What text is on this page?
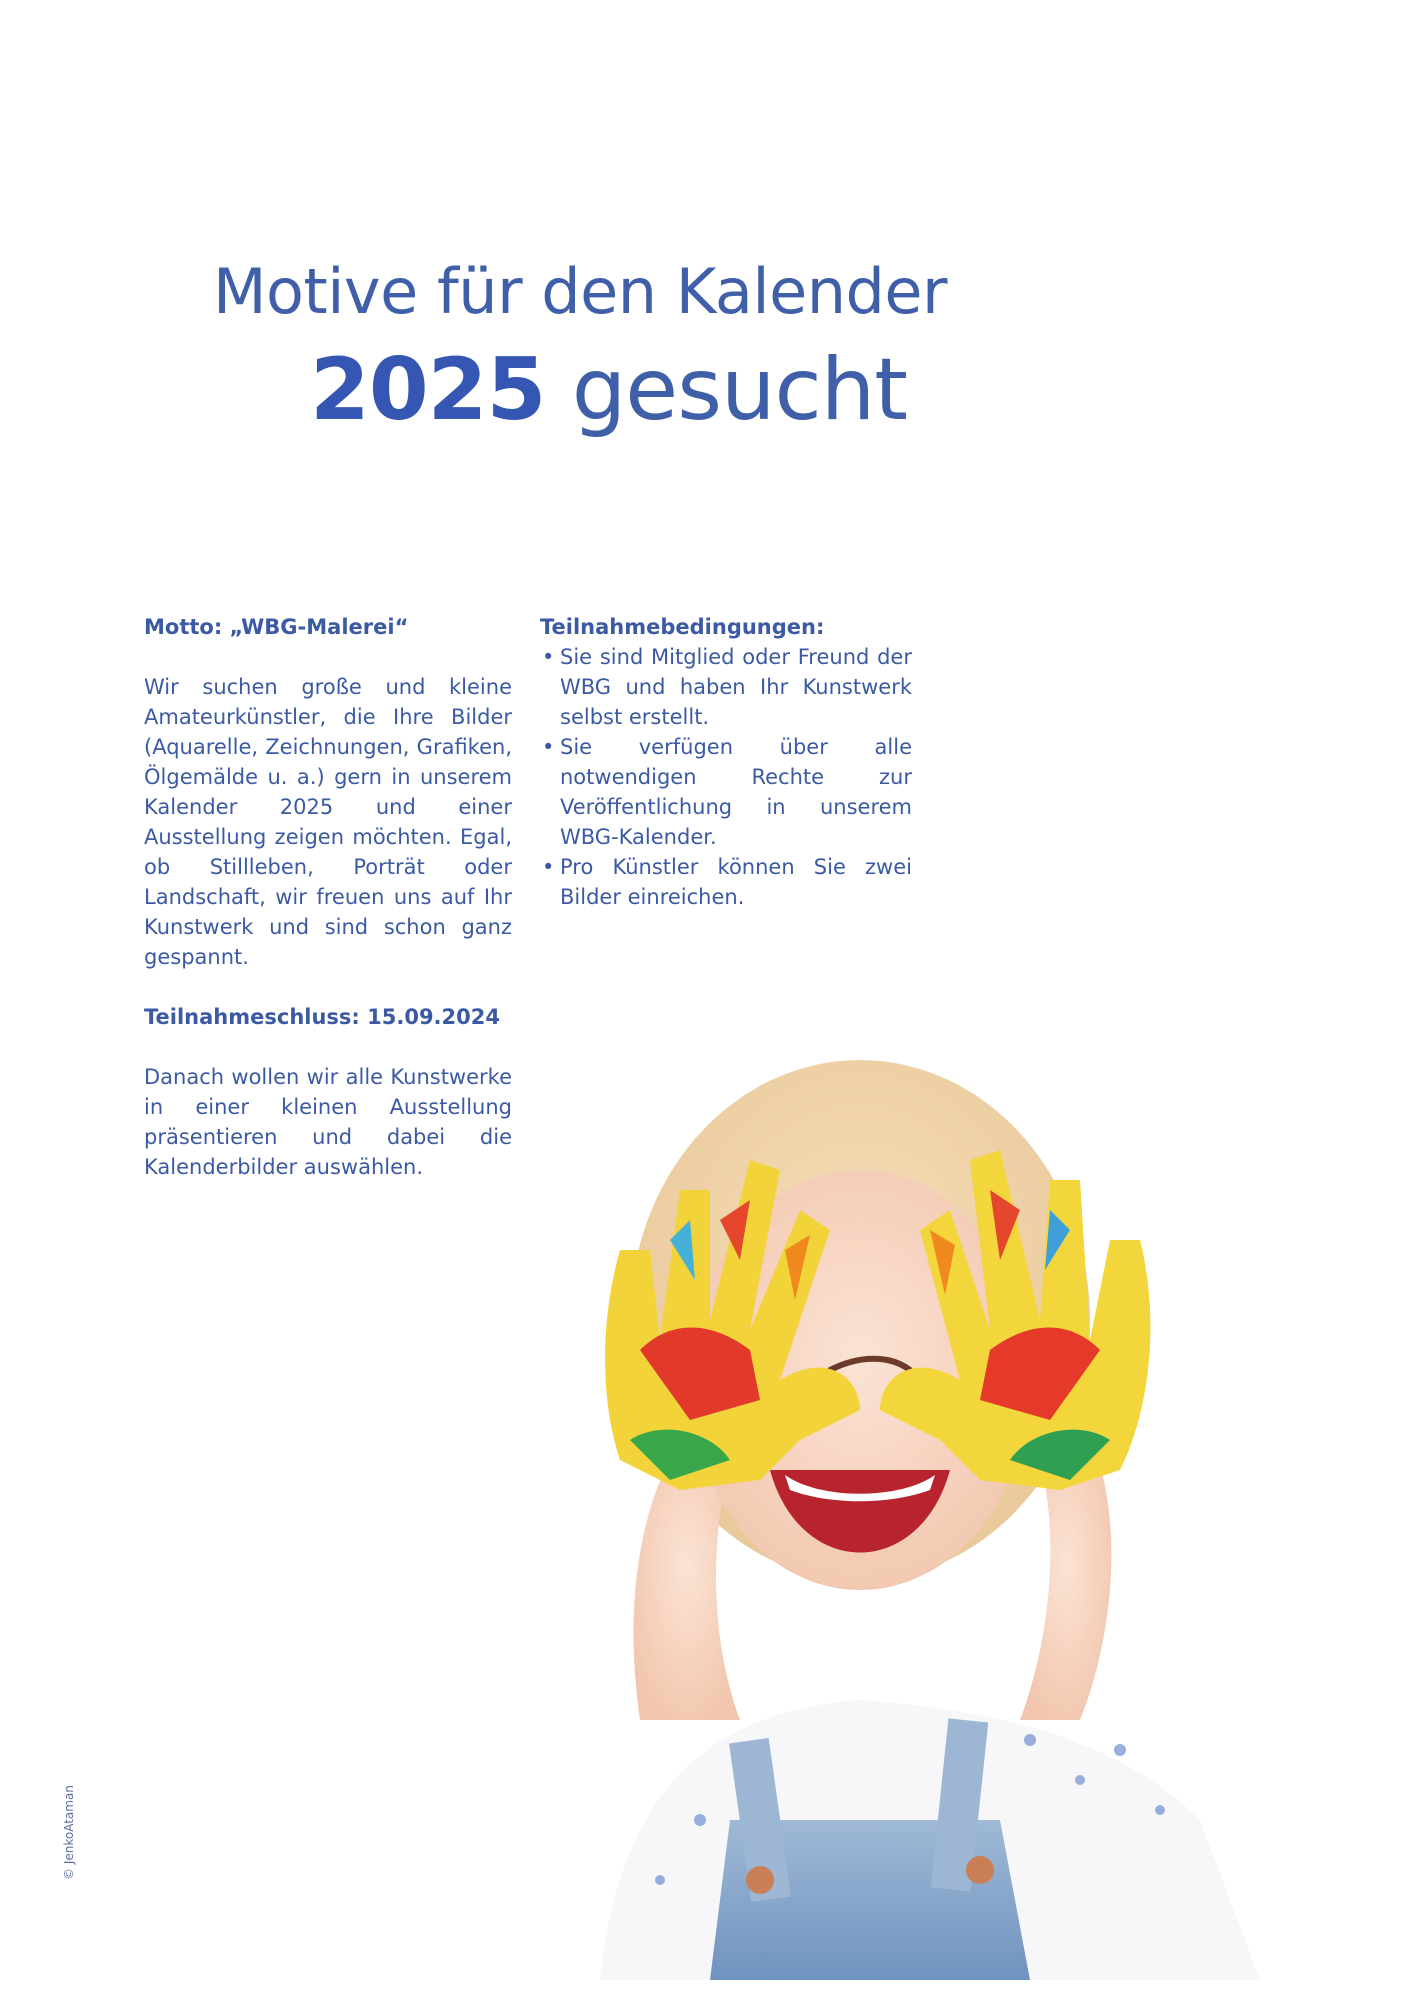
Motive für den Kalender
2025 gesucht

Motto: „WBG-Malerei“

Wir suchen große und kleine Amateurkünstler, die Ihre Bilder (Aquarelle, Zeichnungen, Grafiken, Ölgemälde u. a.) gern in unserem Kalender 2025 und einer Ausstellung zeigen möchten. Egal, ob Stillleben, Porträt oder Landschaft, wir freuen uns auf Ihr Kunstwerk und sind schon ganz gespannt.

Teilnahmeschluss: 15.09.2024

Danach wollen wir alle Kunstwerke in einer kleinen Ausstellung präsentieren und dabei die Kalenderbilder auswählen.

Teilnahmebedingungen:

• Sie sind Mitglied oder Freund der WBG und haben Ihr Kunstwerk selbst erstellt.
• Sie verfügen über alle notwendigen Rechte zur Veröffentlichung in unserem WBG-Kalender.
• Pro Künstler können Sie zwei Bilder einreichen.
© JenkoAtaman
